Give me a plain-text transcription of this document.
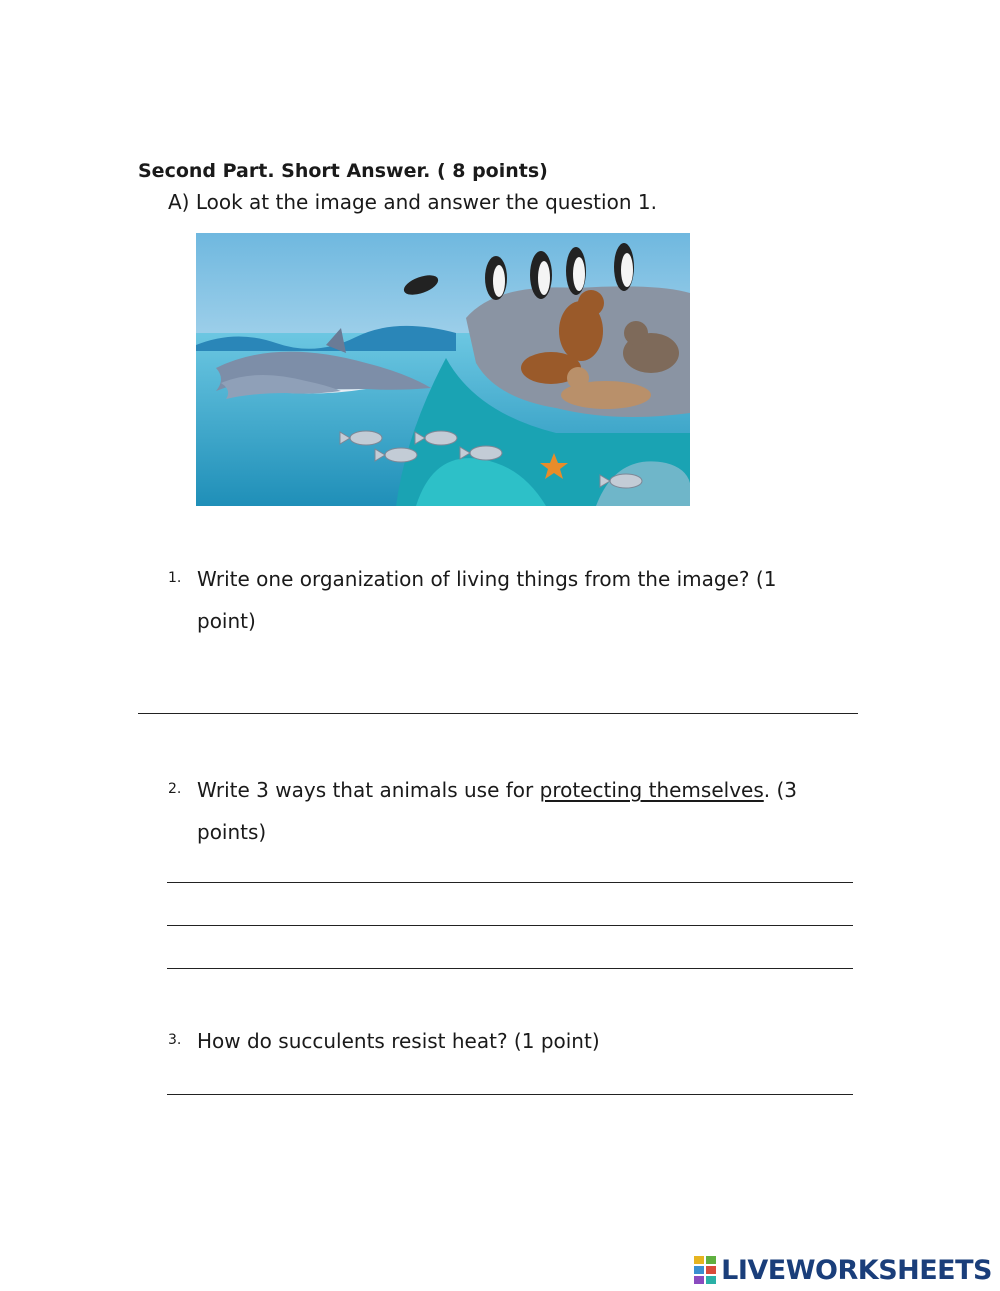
Second Part. Short Answer. ( 8 points)
A) Look at the image and answer the question 1.
1. Write one organization of living things from the image? (1
point)
2. Write 3 ways that animals use for protecting themselves. (3
points)
3. How do succulents resist heat? (1 point)
LIVEWORKSHEETS
